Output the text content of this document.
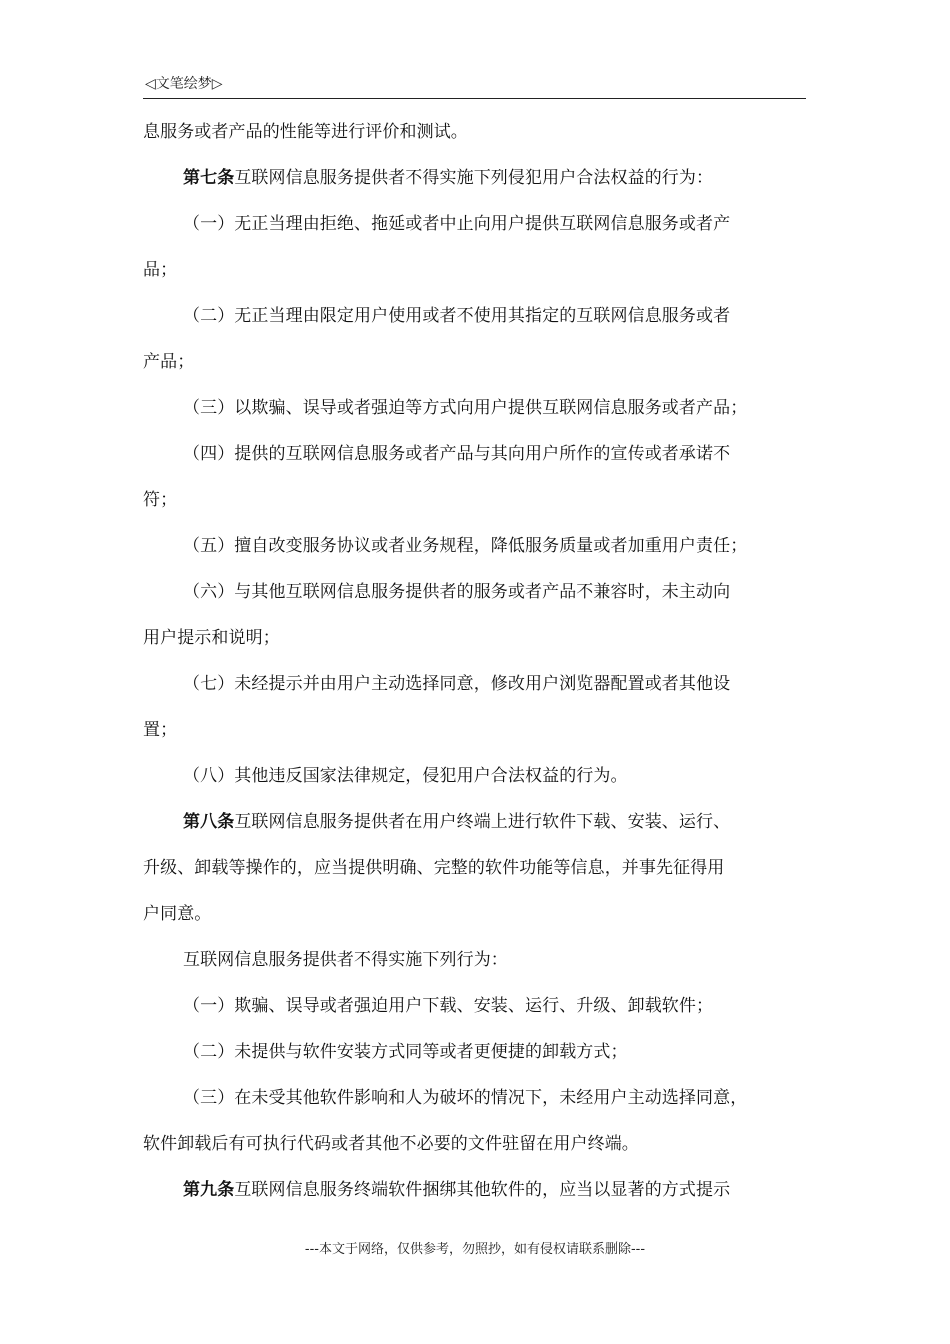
◁文笔绘梦▷
息服务或者产品的性能等进行评价和测试。
第七条互联网信息服务提供者不得实施下列侵犯用户合法权益的行为：
（一）无正当理由拒绝、拖延或者中止向用户提供互联网信息服务或者产
品；
（二）无正当理由限定用户使用或者不使用其指定的互联网信息服务或者
产品；
（三）以欺骗、误导或者强迫等方式向用户提供互联网信息服务或者产品；
（四）提供的互联网信息服务或者产品与其向用户所作的宣传或者承诺不
符；
（五）擅自改变服务协议或者业务规程，降低服务质量或者加重用户责任；
（六）与其他互联网信息服务提供者的服务或者产品不兼容时，未主动向
用户提示和说明；
（七）未经提示并由用户主动选择同意，修改用户浏览器配置或者其他设
置；
（八）其他违反国家法律规定，侵犯用户合法权益的行为。
第八条互联网信息服务提供者在用户终端上进行软件下载、安装、运行、
升级、卸载等操作的，应当提供明确、完整的软件功能等信息，并事先征得用
户同意。
互联网信息服务提供者不得实施下列行为：
（一）欺骗、误导或者强迫用户下载、安装、运行、升级、卸载软件；
（二）未提供与软件安装方式同等或者更便捷的卸载方式；
（三）在未受其他软件影响和人为破坏的情况下，未经用户主动选择同意，
软件卸载后有可执行代码或者其他不必要的文件驻留在用户终端。
第九条互联网信息服务终端软件捆绑其他软件的，应当以显著的方式提示
---本文于网络，仅供参考，勿照抄，如有侵权请联系删除---
